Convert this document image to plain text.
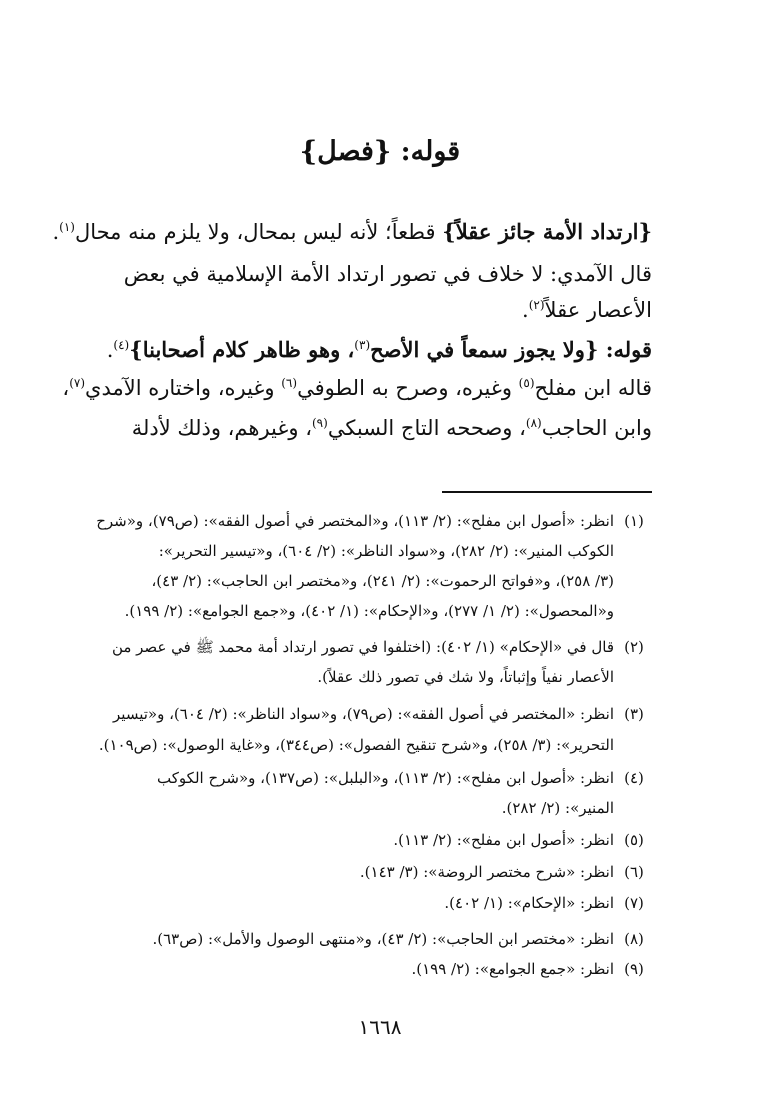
قوله: {فصل}
{ارتداد الأمة جائز عقلاً} قطعاً؛ لأنه ليس بمحال، ولا يلزم منه محال$^{(١)}$.
قال الآمدي: لا خلاف في تصور ارتداد الأمة الإسلامية في بعض
الأعصار عقلاً$^{(٢)}$.
قوله: {ولا يجوز سمعاً في الأصح$^{(٣)}$، وهو ظاهر كلام أصحابنا}$^{(٤)}$.
قاله ابن مفلح$^{(٥)}$ وغيره، وصرح به الطوفي$^{(٦)}$ وغيره، واختاره الآمدي$^{(٧)}$،
وابن الحاجب$^{(٨)}$، وصححه التاج السبكي$^{(٩)}$، وغيرهم، وذلك لأدلة
(١)
انظر: «أصول ابن مفلح»: (٢/ ١١٣)، و«المختصر في أصول الفقه»: (ص٧٩)، و«شرح
الكوكب المنير»: (٢/ ٢٨٢)، و«سواد الناظر»: (٢/ ٦٠٤)، و«تيسير التحرير»:
(٣/ ٢٥٨)، و«فواتح الرحموت»: (٢/ ٢٤١)، و«مختصر ابن الحاجب»: (٢/ ٤٣)،
و«المحصول»: (٢/ ١/ ٢٧٧)، و«الإحكام»: (١/ ٤٠٢)، و«جمع الجوامع»: (٢/ ١٩٩).
(٢)
قال في «الإحكام» (١/ ٤٠٢): (اختلفوا في تصور ارتداد أمة محمد ﷺ في عصر من
الأعصار نفياً وإثباتاً، ولا شك في تصور ذلك عقلاً).
(٣)
انظر: «المختصر في أصول الفقه»: (ص٧٩)، و«سواد الناظر»: (٢/ ٦٠٤)، و«تيسير
التحرير»: (٣/ ٢٥٨)، و«شرح تنقيح الفصول»: (ص٣٤٤)، و«غاية الوصول»: (ص١٠٩).
(٤)
انظر: «أصول ابن مفلح»: (٢/ ١١٣)، و«البلبل»: (ص١٣٧)، و«شرح الكوكب
المنير»: (٢/ ٢٨٢).
(٥)
انظر: «أصول ابن مفلح»: (٢/ ١١٣).
(٦)
انظر: «شرح مختصر الروضة»: (٣/ ١٤٣).
(٧)
انظر: «الإحكام»: (١/ ٤٠٢).
(٨)
انظر: «مختصر ابن الحاجب»: (٢/ ٤٣)، و«منتهى الوصول والأمل»: (ص٦٣).
(٩)
انظر: «جمع الجوامع»: (٢/ ١٩٩).
١٦٦٨
